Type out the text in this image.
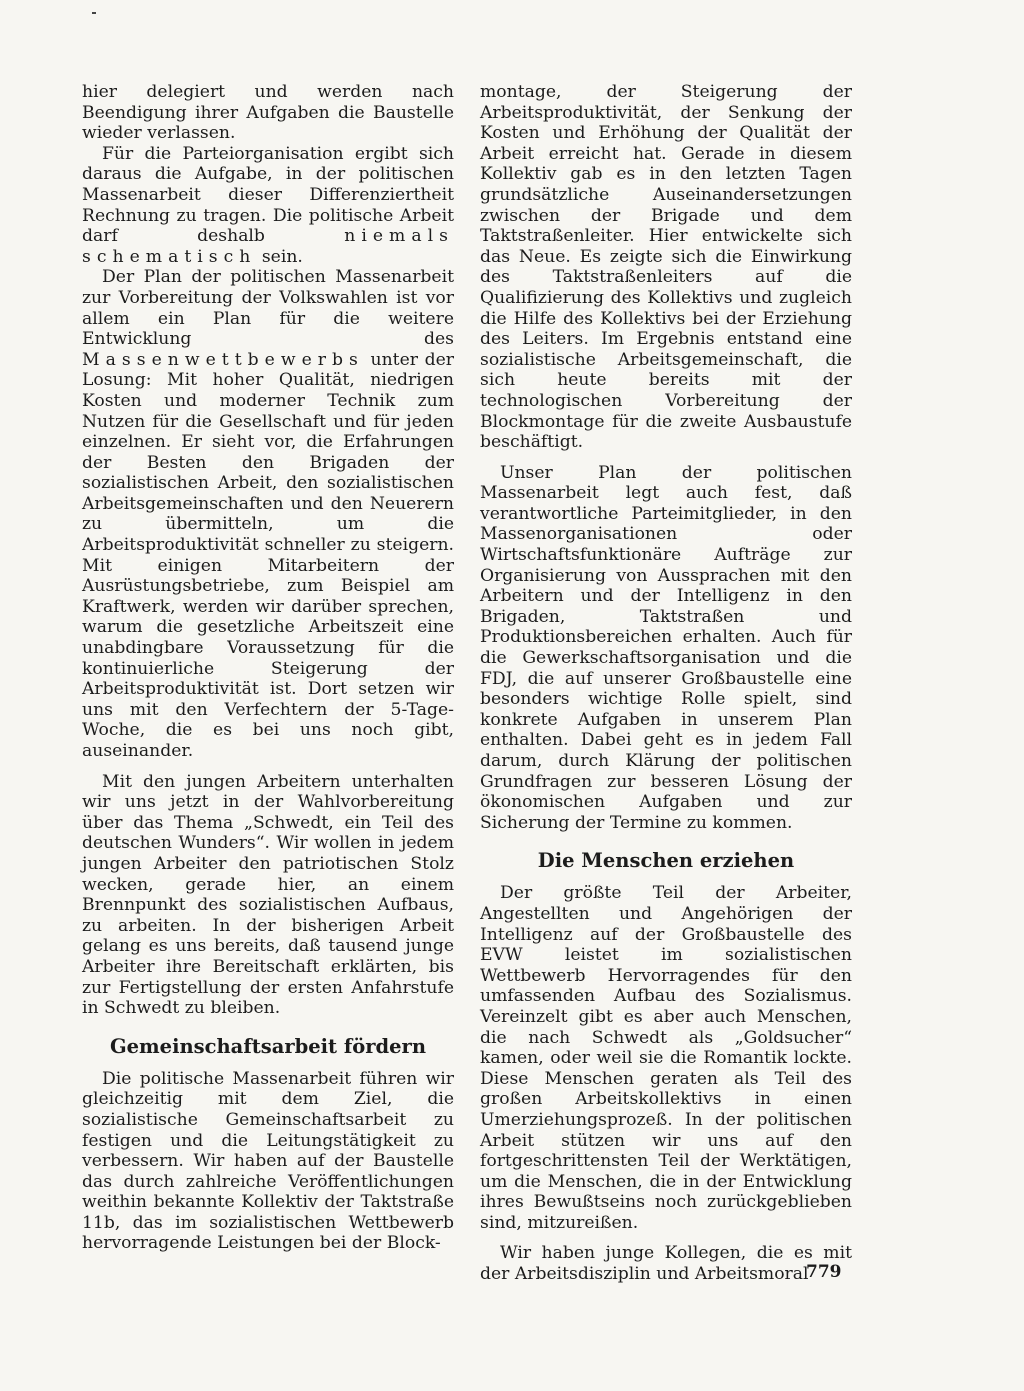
hier delegiert und werden nach Beendigung ihrer Aufgaben die Baustelle wieder verlassen.

Für die Parteiorganisation ergibt sich daraus die Aufgabe, in der politischen Massenarbeit dieser Differenziertheit Rechnung zu tragen. Die politische Arbeit darf deshalb	niemals schematisch sein.

Der Plan der politischen Massenarbeit zur Vorbereitung der Volkswahlen ist vor allem ein Plan für die weitere Entwicklung des Massenwettbewerbs unter der Losung: Mit hoher Qualität, niedrigen Kosten und moderner Technik zum Nutzen für die Gesellschaft und für jeden einzelnen. Er sieht vor, die Erfahrungen der Besten den Brigaden der sozialistischen Arbeit, den sozialistischen Arbeitsgemeinschaften und den Neuerern zu übermitteln, um die Arbeitsproduktivität schneller zu steigern. Mit einigen Mitarbeitern der Ausrüstungsbetriebe, zum Beispiel am Kraftwerk, werden wir darüber sprechen, warum die gesetzliche Arbeitszeit eine unabdingbare Voraussetzung für die kontinuierliche Steigerung der Arbeitsproduktivität ist. Dort setzen wir uns mit den Verfechtern der 5-Tage-Woche, die es bei uns noch gibt, auseinander.

Mit den jungen Arbeitern unterhalten wir uns jetzt in der Wahlvorbereitung über das Thema „Schwedt, ein Teil des deutschen Wunders“. Wir wollen in jedem jungen Arbeiter den patriotischen Stolz wecken, gerade hier, an einem Brennpunkt des sozialistischen Aufbaus, zu arbeiten. In der bisherigen Arbeit gelang es uns bereits, daß tausend junge Arbeiter ihre Bereitschaft erklärten, bis zur Fertigstellung der ersten Anfahrstufe in Schwedt zu bleiben.

Gemeinschaftsarbeit fördern

Die politische Massenarbeit führen wir gleichzeitig mit dem Ziel, die sozialistische Gemeinschaftsarbeit zu festigen und die Leitungstätigkeit zu verbessern. Wir haben auf der Baustelle das durch zahlreiche Veröffentlichungen weithin bekannte Kollektiv der Taktstraße 11b, das im sozialistischen Wettbewerb hervorragende Leistungen bei der Block-

montage, der Steigerung der Arbeitsproduktivität, der Senkung der Kosten und Erhöhung der Qualität der Arbeit erreicht hat. Gerade in diesem Kollektiv gab es in den letzten Tagen grundsätzliche Auseinandersetzungen zwischen der Brigade und dem Taktstraßenleiter. Hier entwickelte sich das Neue. Es zeigte sich die Einwirkung des Taktstraßenleiters auf die Qualifizierung des Kollektivs und zugleich die Hilfe des Kollektivs bei der Erziehung des Leiters. Im Ergebnis entstand eine sozialistische Arbeitsgemeinschaft, die sich heute bereits mit der technologischen Vorbereitung der Blockmontage für die zweite Ausbaustufe beschäftigt.

Unser Plan der politischen Massenarbeit legt auch fest, daß verantwortliche Parteimitglieder, in den Massenorganisationen oder Wirtschaftsfunktionäre Aufträge zur Organisierung von Aussprachen mit den Arbeitern und der Intelligenz in den Brigaden, Taktstraßen und Produktionsbereichen erhalten. Auch für die Gewerkschaftsorganisation und die FDJ, die auf unserer Großbaustelle eine besonders wichtige Rolle spielt, sind konkrete Aufgaben in unserem Plan enthalten. Dabei geht es in jedem Fall darum, durch Klärung der politischen Grundfragen zur besseren Lösung der ökonomischen Aufgaben und zur Sicherung der Termine zu kommen.

Die Menschen erziehen

Der größte Teil der Arbeiter, Angestellten und Angehörigen der Intelligenz auf der Großbaustelle des EVW leistet im sozialistischen Wettbewerb Hervorragendes für den umfassenden Aufbau des Sozialismus. Vereinzelt gibt es aber auch Menschen, die nach Schwedt als „Goldsucher“ kamen, oder weil sie die Romantik lockte. Diese Menschen geraten als Teil des großen Arbeitskollektivs in einen Umerziehungsprozeß. In der politischen Arbeit stützen wir uns auf den fortgeschrittensten Teil der Werktätigen, um die Menschen, die in der Entwicklung ihres Bewußtseins noch zurückgeblieben sind, mitzureißen.

Wir haben junge Kollegen, die es mit der Arbeitsdisziplin und Arbeitsmoral

779
